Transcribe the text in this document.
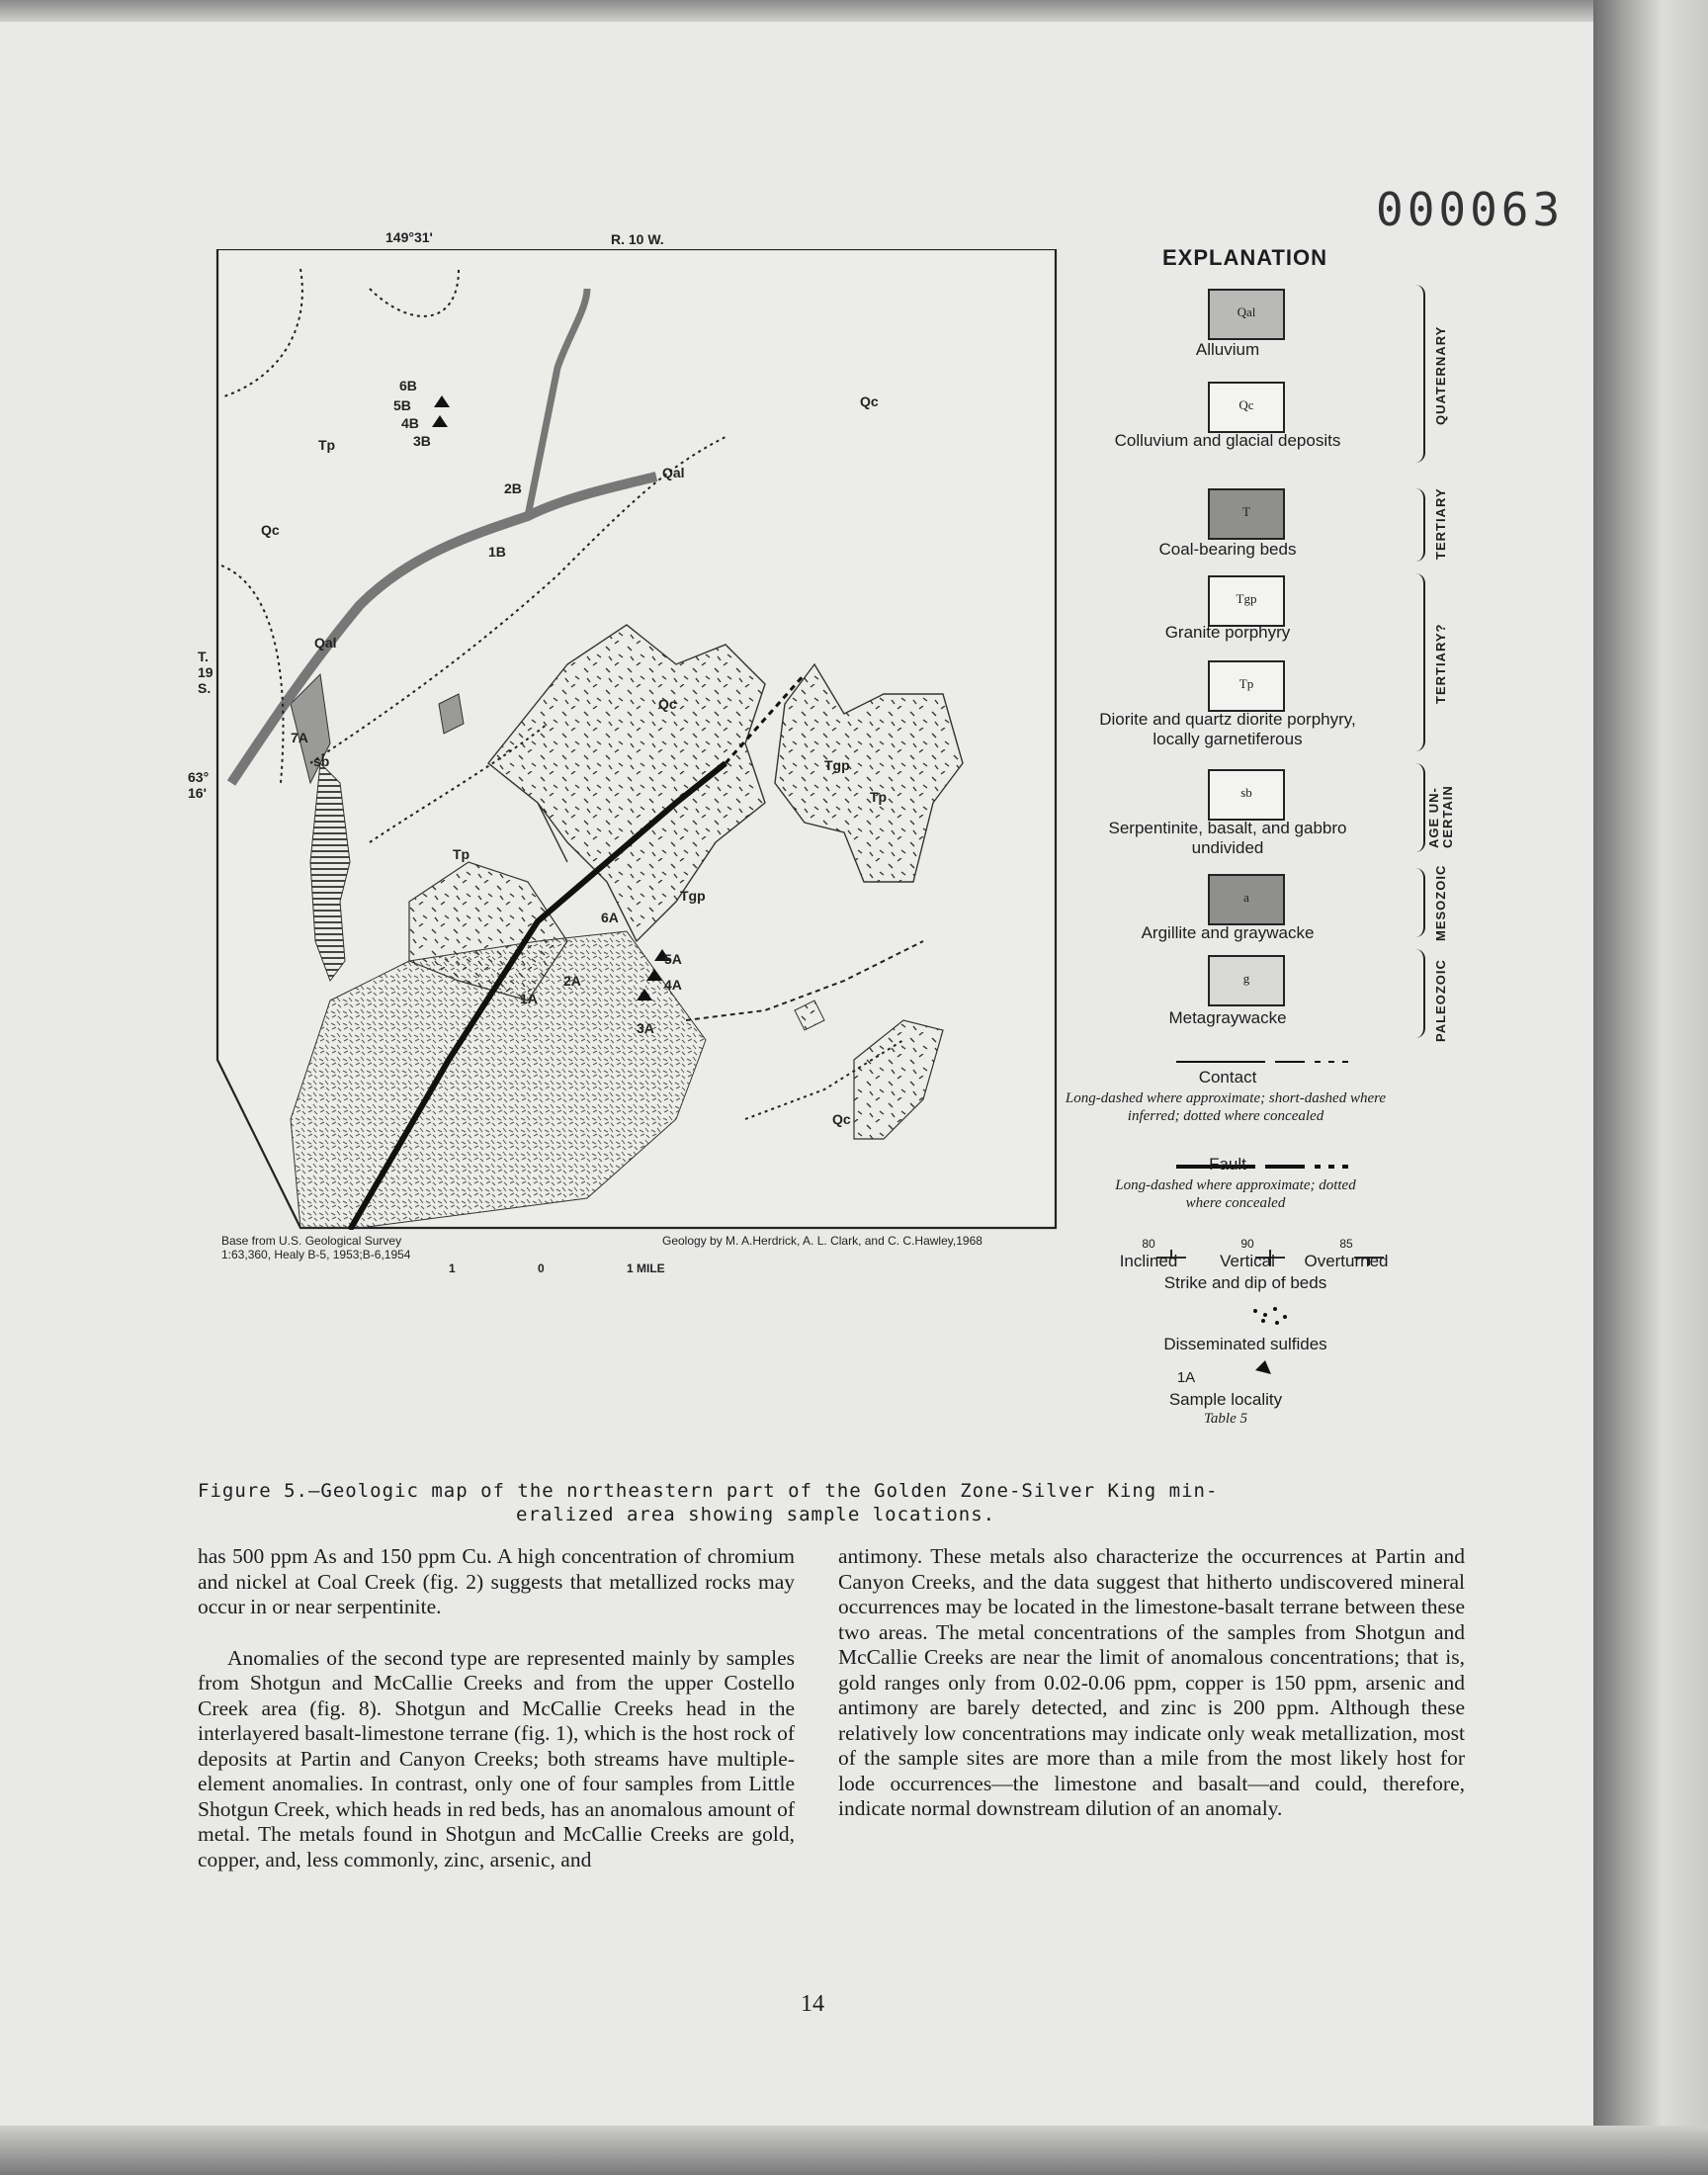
000063
149°31'	R. 10 W.
T.
19
S.
63°
16'
Qc
Qc
Qc
Qc
Qal
Qal
Tp
Tp
Tp
Tgp
Tgp
sb
6B
5B
4B
3B
2B
1B
7A
6A
5A
4A
3A
2A
1A
Base from U.S. Geological Survey
1:63,360, Healy B-5, 1953;B-6,1954
Geology by M. A.Herdrick, A. L. Clark, and C. C.Hawley,1968
1	0	1 MILE
EXPLANATION
Qal
Alluvium
Qc
Colluvium and glacial deposits
T
Coal-bearing beds
Tgp
Granite porphyry
Tp
Diorite and quartz diorite porphyry, locally garnetiferous
sb
Serpentinite, basalt, and gabbro undivided
a
Argillite and graywacke
g
Metagraywacke
QUATERNARY
TERTIARY
TERTIARY?
AGE UN-
CERTAIN
MESOZOIC
PALEOZOIC
Contact
Long-dashed where approximate; short-dashed where inferred; dotted where concealed
Fault
Long-dashed where approximate; dotted where concealed
80	90	85
Inclined	Vertical	Overturned
Strike and dip of beds
Disseminated sulfides
1A
Sample locality
Table 5
Figure 5.—Geologic map of the northeastern part of the Golden Zone-Silver King min-
eralized area showing sample locations.

has 500 ppm As and 150 ppm Cu. A high concentration of chromium and nickel at Coal Creek (fig. 2) suggests that metallized rocks may occur in or near serpentinite.

Anomalies of the second type are represented mainly by samples from Shotgun and McCallie Creeks and from the upper Costello Creek area (fig. 8). Shotgun and McCallie Creeks head in the interlayered basalt-limestone terrane (fig. 1), which is the host rock of deposits at Partin and Canyon Creeks; both streams have multiple-element anomalies. In contrast, only one of four samples from Little Shotgun Creek, which heads in red beds, has an anomalous amount of metal. The metals found in Shotgun and McCallie Creeks are gold, copper, and, less commonly, zinc, arsenic, and

antimony. These metals also characterize the occurrences at Partin and Canyon Creeks, and the data suggest that hitherto undiscovered mineral occurrences may be located in the limestone-basalt terrane between these two areas. The metal concentrations of the samples from Shotgun and McCallie Creeks are near the limit of anomalous concentrations; that is, gold ranges only from 0.02-0.06 ppm, copper is 150 ppm, arsenic and antimony are barely detected, and zinc is 200 ppm. Although these relatively low concentrations may indicate only weak metallization, most of the sample sites are more than a mile from the most likely host for lode occurrences—the limestone and basalt—and could, therefore, indicate normal downstream dilution of an anomaly.

14
